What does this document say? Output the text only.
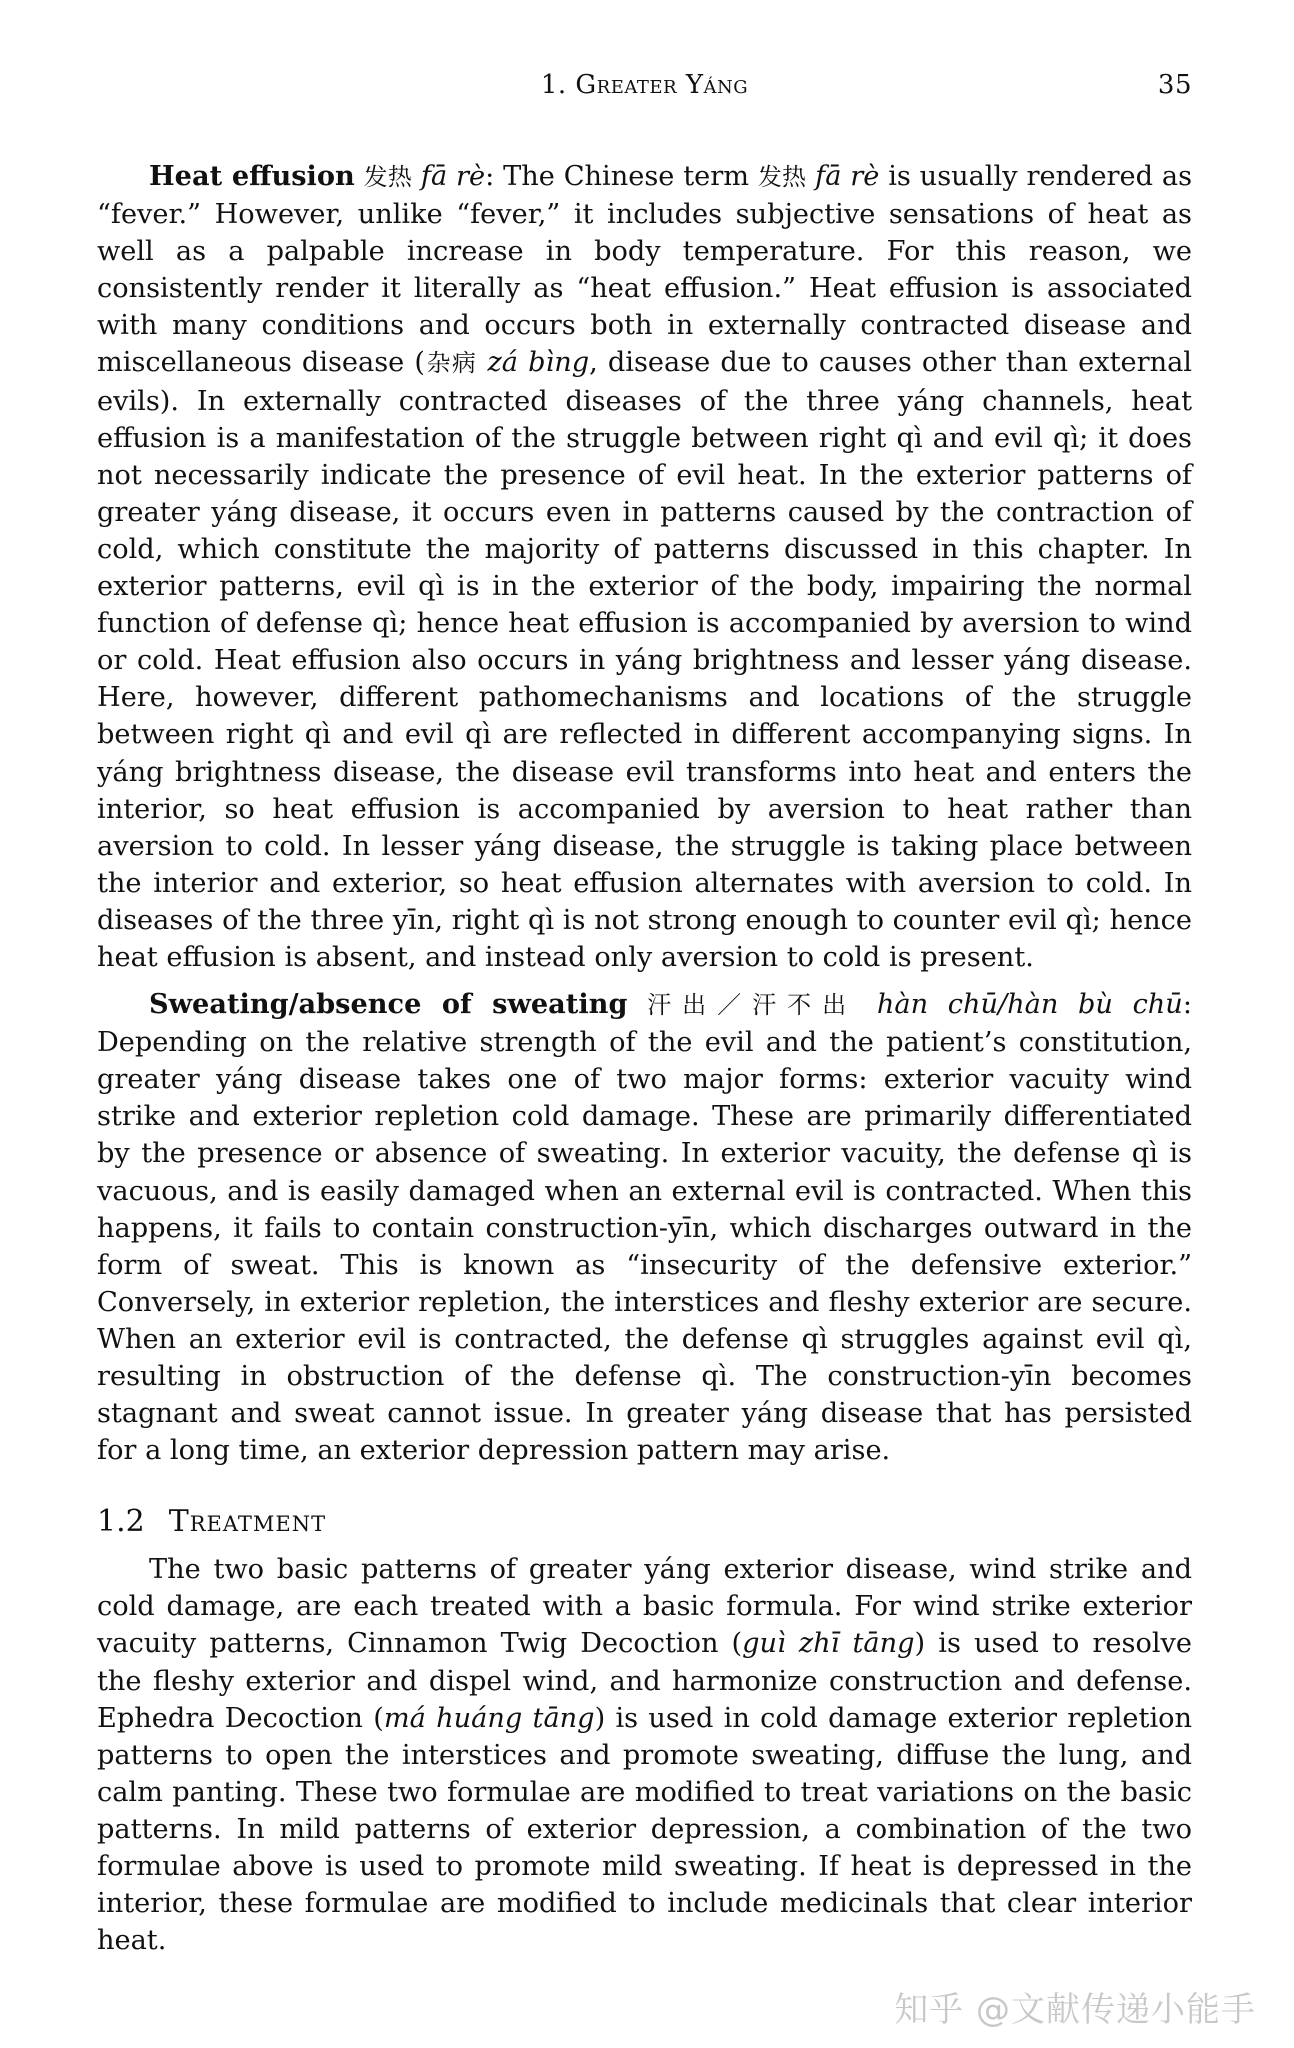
1. Greater Yáng	35

Heat effusion 发热 fā rè: The Chinese term 发热 fā rè is usually rendered as “fever.” However, unlike “fever,” it includes subjective sensations of heat as well as a palpable increase in body temperature. For this reason, we consistently render it literally as “heat effusion.” Heat effusion is associated with many conditions and occurs both in externally contracted disease and miscellaneous disease (杂病 zá bìng, disease due to causes other than external evils). In externally contracted diseases of the three yáng channels, heat effusion is a manifestation of the struggle between right qì and evil qì; it does not necessarily indicate the presence of evil heat. In the exterior patterns of greater yáng disease, it occurs even in patterns caused by the contraction of cold, which constitute the majority of patterns discussed in this chapter. In exterior patterns, evil qì is in the exterior of the body, impairing the normal function of defense qì; hence heat effusion is accompanied by aversion to wind or cold. Heat effusion also occurs in yáng brightness and lesser yáng disease. Here, however, different pathomechanisms and locations of the struggle between right qì and evil qì are reflected in different accompanying signs. In yáng brightness disease, the disease evil transforms into heat and enters the interior, so heat effusion is accompanied by aversion to heat rather than aversion to cold. In lesser yáng disease, the struggle is taking place between the interior and exterior, so heat effusion alternates with aversion to cold. In diseases of the three yīn, right qì is not strong enough to counter evil qì; hence heat effusion is absent, and instead only aversion to cold is present.

Sweating/absence of sweating 汗出／汗不出 hàn chū/hàn bù chū: Depending on the relative strength of the evil and the patient’s constitution, greater yáng disease takes one of two major forms: exterior vacuity wind strike and exterior repletion cold damage. These are primarily differentiated by the presence or absence of sweating. In exterior vacuity, the defense qì is vacuous, and is easily damaged when an external evil is contracted. When this happens, it fails to contain construction-yīn, which discharges outward in the form of sweat. This is known as “insecurity of the defensive exterior.” Conversely, in exterior repletion, the interstices and fleshy exterior are secure. When an exterior evil is contracted, the defense qì struggles against evil qì, resulting in obstruction of the defense qì. The construction-yīn becomes stagnant and sweat cannot issue. In greater yáng disease that has persisted for a long time, an exterior depression pattern may arise.

1.2 Treatment

The two basic patterns of greater yáng exterior disease, wind strike and cold damage, are each treated with a basic formula. For wind strike exterior vacuity patterns, Cinnamon Twig Decoction (guì zhī tāng) is used to resolve the fleshy exterior and dispel wind, and harmonize construction and defense. Ephedra Decoction (má huáng tāng) is used in cold damage exterior repletion patterns to open the interstices and promote sweating, diffuse the lung, and calm panting. These two formulae are modified to treat variations on the basic patterns. In mild patterns of exterior depression, a combination of the two formulae above is used to promote mild sweating. If heat is depressed in the interior, these formulae are modified to include medicinals that clear interior heat.

知乎 @文献传递小能手
